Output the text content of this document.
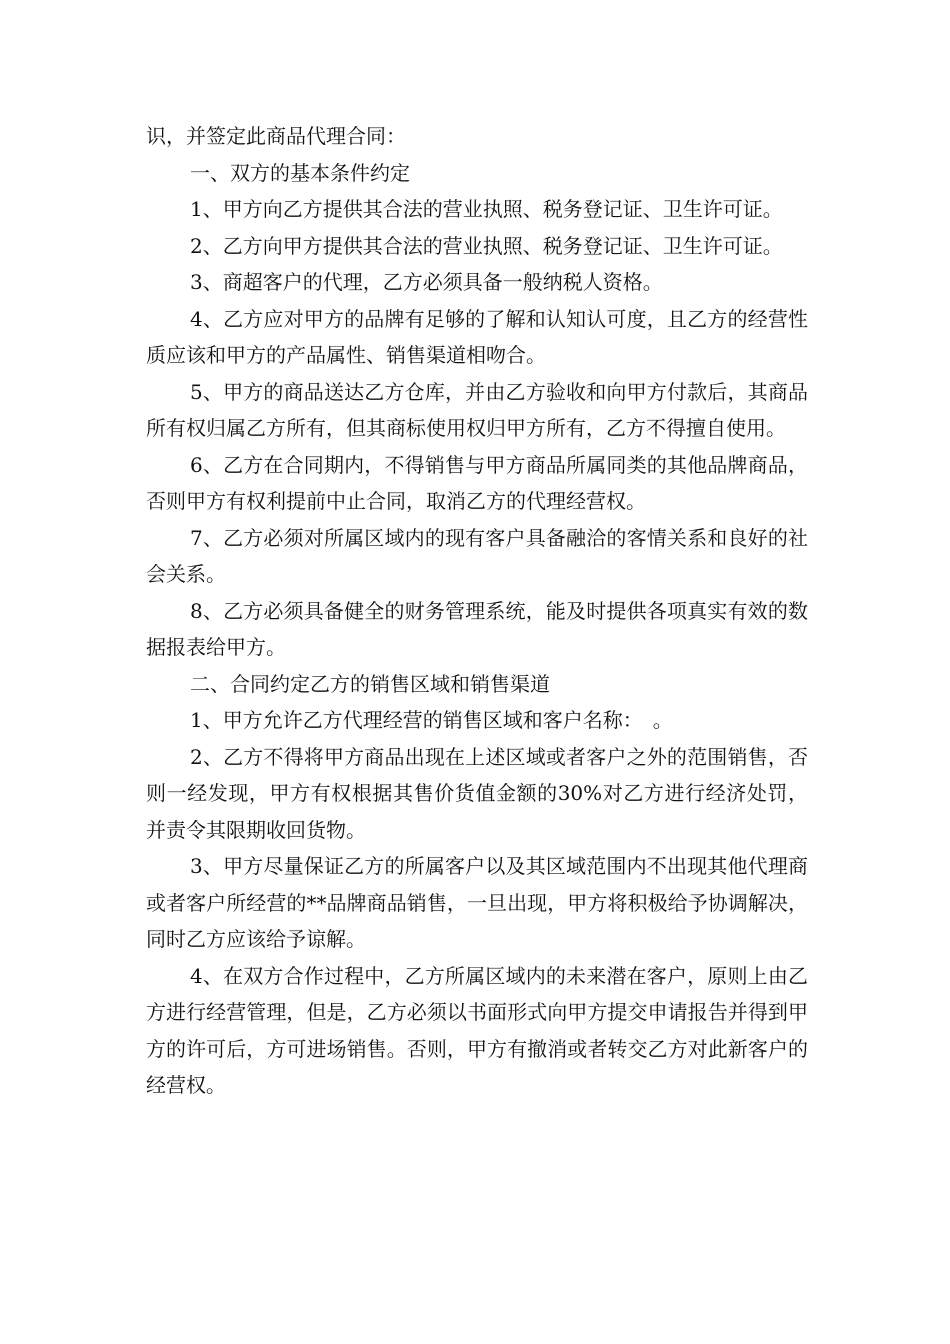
识，并签定此商品代理合同：

一、双方的基本条件约定

1、甲方向乙方提供其合法的营业执照、税务登记证、卫生许可证。

2、乙方向甲方提供其合法的营业执照、税务登记证、卫生许可证。

3、商超客户的代理，乙方必须具备一般纳税人资格。

4、乙方应对甲方的品牌有足够的了解和认知认可度，且乙方的经营性质应该和甲方的产品属性、销售渠道相吻合。

5、甲方的商品送达乙方仓库，并由乙方验收和向甲方付款后，其商品所有权归属乙方所有，但其商标使用权归甲方所有，乙方不得擅自使用。

6、乙方在合同期内，不得销售与甲方商品所属同类的其他品牌商品，否则甲方有权利提前中止合同，取消乙方的代理经营权。

7、乙方必须对所属区域内的现有客户具备融洽的客情关系和良好的社会关系。

8、乙方必须具备健全的财务管理系统，能及时提供各项真实有效的数据报表给甲方。

二、合同约定乙方的销售区域和销售渠道

1、甲方允许乙方代理经营的销售区域和客户名称：　。

2、乙方不得将甲方商品出现在上述区域或者客户之外的范围销售，否则一经发现，甲方有权根据其售价货值金额的30%对乙方进行经济处罚，并责令其限期收回货物。

3、甲方尽量保证乙方的所属客户以及其区域范围内不出现其他代理商或者客户所经营的**品牌商品销售，一旦出现，甲方将积极给予协调解决，同时乙方应该给予谅解。

4、在双方合作过程中，乙方所属区域内的未来潜在客户，原则上由乙方进行经营管理，但是，乙方必须以书面形式向甲方提交申请报告并得到甲方的许可后，方可进场销售。否则，甲方有撤消或者转交乙方对此新客户的经营权。
